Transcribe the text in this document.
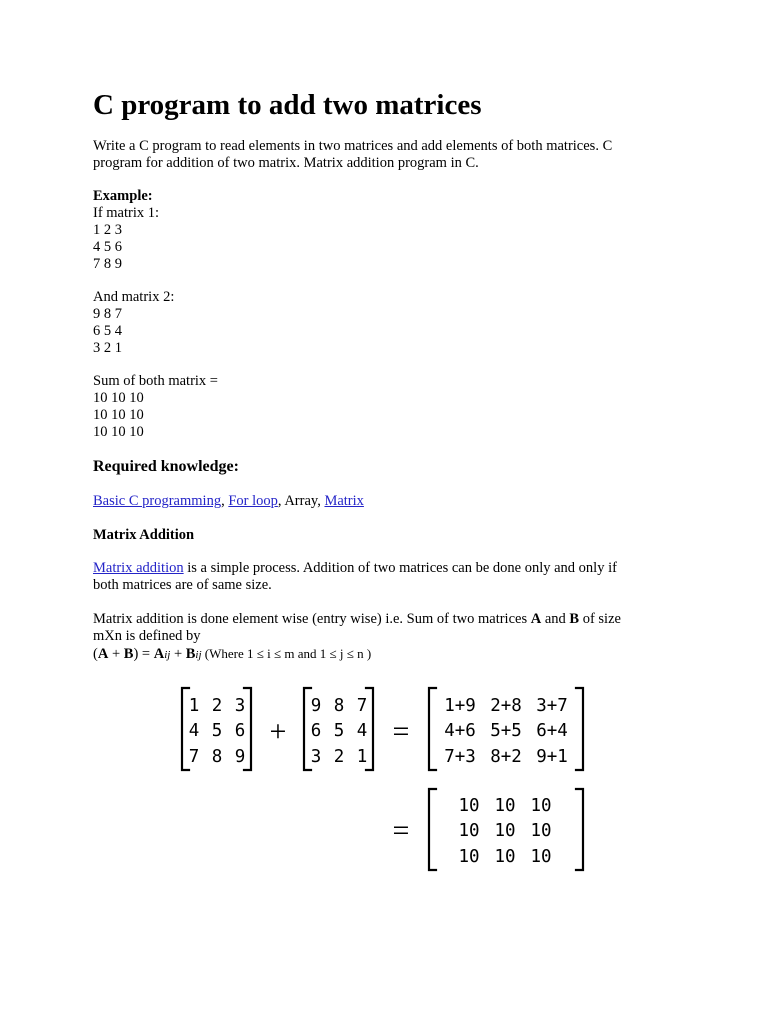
C program to add two matrices
Write a C program to read elements in two matrices and add elements of both matrices. C
program for addition of two matrix. Matrix addition program in C.
Example:
If matrix 1:
1 2 3
4 5 6
7 8 9
And matrix 2:
9 8 7
6 5 4
3 2 1
Sum of both matrix =
10 10 10
10 10 10
10 10 10
Required knowledge:
Basic C programming, For loop, Array, Matrix
Matrix Addition
Matrix addition is a simple process. Addition of two matrices can be done only and only if
both matrices are of same size.
Matrix addition is done element wise (entry wise) i.e. Sum of two matrices A and B of size
mXn is defined by
(A + B) = Aij + Bij (Where 1 ≤ i ≤ m and 1 ≤ j ≤ n )
1 2 3
4 5 6
7 8 9
9 8 7
6 5 4
3 2 1
1+9 2+8 3+7
4+6 5+5 6+4
7+3 8+2 9+1
10 10 10
10 10 10
10 10 10
+	=
=
